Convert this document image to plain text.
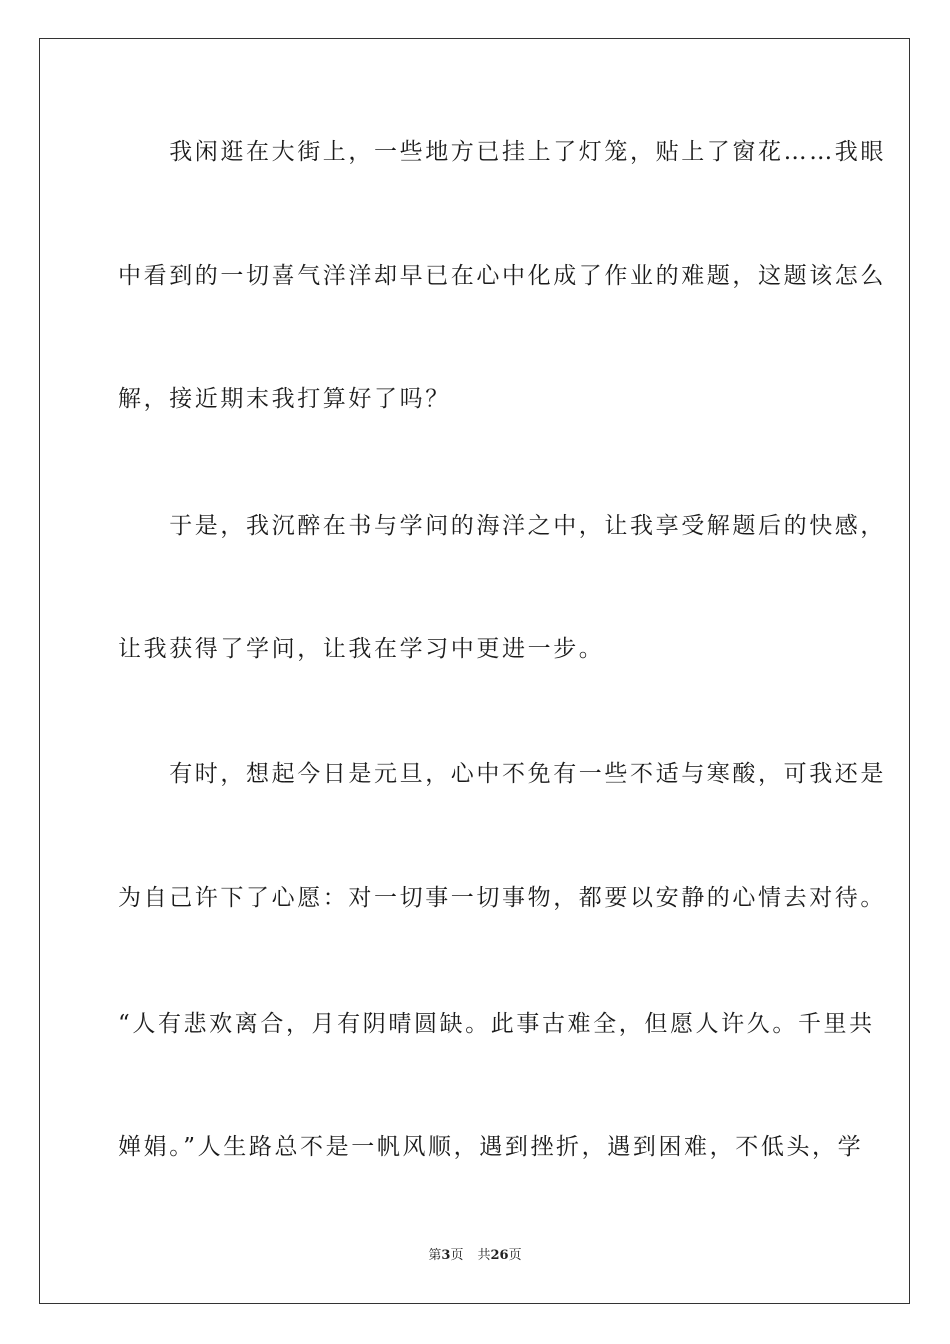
　　我闲逛在大街上，一些地方已挂上了灯笼，贴上了窗花……我眼
中看到的一切喜气洋洋却早已在心中化成了作业的难题，这题该怎么
解，接近期末我打算好了吗？
　　于是，我沉醉在书与学问的海洋之中，让我享受解题后的快感，
让我获得了学问，让我在学习中更进一步。
　　有时，想起今日是元旦，心中不免有一些不适与寒酸，可我还是
为自己许下了心愿：对一切事一切事物，都要以安静的心情去对待。
“人有悲欢离合，月有阴晴圆缺。此事古难全，但愿人许久。千里共
婵娟。”人生路总不是一帆风顺，遇到挫折，遇到困难，不低头，学
第3页 共26页
